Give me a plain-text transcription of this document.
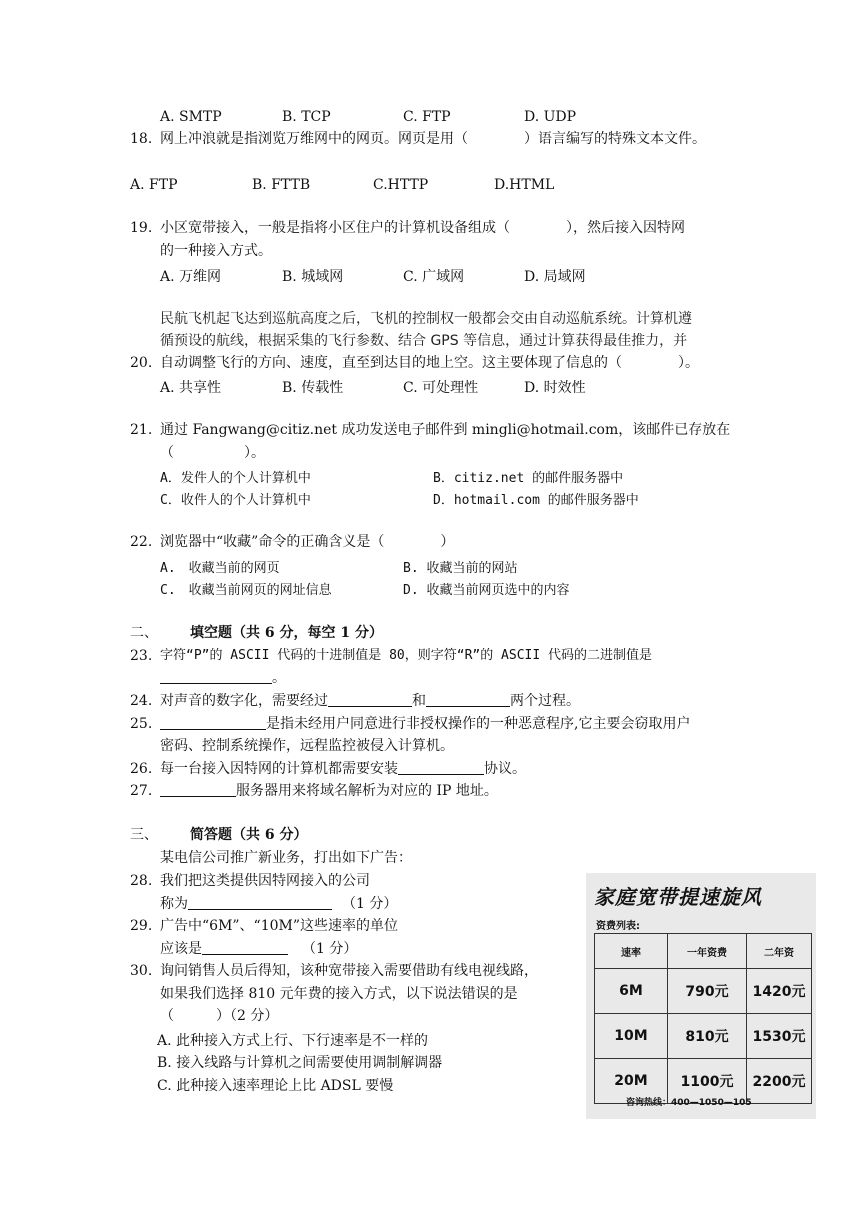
A. SMTP	B. TCP	C. FTP	D. UDP
18. 网上冲浪就是指浏览万维网中的网页。网页是用（　　　　）语言编写的特殊文本文件。
A. FTP	B. FTTB	C.HTTP	D.HTML
19. 小区宽带接入，一般是指将小区住户的计算机设备组成（　　　　），然后接入因特网
的一种接入方式。
A. 万维网	B. 城域网	C. 广域网	D. 局域网
民航飞机起飞达到巡航高度之后，飞机的控制权一般都会交由自动巡航系统。计算机遵
循预设的航线，根据采集的飞行参数、结合 GPS 等信息，通过计算获得最佳推力，并
20. 自动调整飞行的方向、速度，直至到达目的地上空。这主要体现了信息的（　　　　）。
A. 共享性	B. 传载性	C. 可处理性	D. 时效性
21. 通过 Fangwang@citiz.net 成功发送电子邮件到 mingli@hotmail.com，该邮件已存放在
（　　　　　）。
A．发件人的个人计算机中	B．citiz.net 的邮件服务器中
C．收件人的个人计算机中	D．hotmail.com 的邮件服务器中
22. 浏览器中“收藏”命令的正确含义是（　　　　）
A.　收藏当前的网页	B. 收藏当前的网站
C.　收藏当前网页的网址信息	D. 收藏当前网页选中的内容
二、 填空题（共 6 分，每空 1 分）
23. 字符“P”的 ASCII 代码的十进制值是 80，则字符“R”的 ASCII 代码的二进制值是
。
24. 对声音的数字化，需要经过	和	两个过程。
25.	是指未经用户同意进行非授权操作的一种恶意程序,它主要会窃取用户
密码、控制系统操作，远程监控被侵入计算机。
26. 每一台接入因特网的计算机都需要安装	协议。
27.	服务器用来将域名解析为对应的 IP 地址。
三、 简答题（共 6 分）
某电信公司推广新业务，打出如下广告：
28. 我们把这类提供因特网接入的公司
称为	（1 分）
29. 广告中“6M”、“10M”这些速率的单位
应该是	（1 分）
30. 询问销售人员后得知，该种宽带接入需要借助有线电视线路，
如果我们选择 810 元年费的接入方式，以下说法错误的是
（　　　）（2 分）
A. 此种接入方式上行、下行速率是不一样的
B. 接入线路与计算机之间需要使用调制解调器
C. 此种接入速率理论上比 ADSL 要慢
家庭宽带提速旋风
资费列表:
速率	一年资费	二年资
6M	790元	1420元
10M	810元	1530元
20M	1100元	2200元
咨询热线：400—1050—105
